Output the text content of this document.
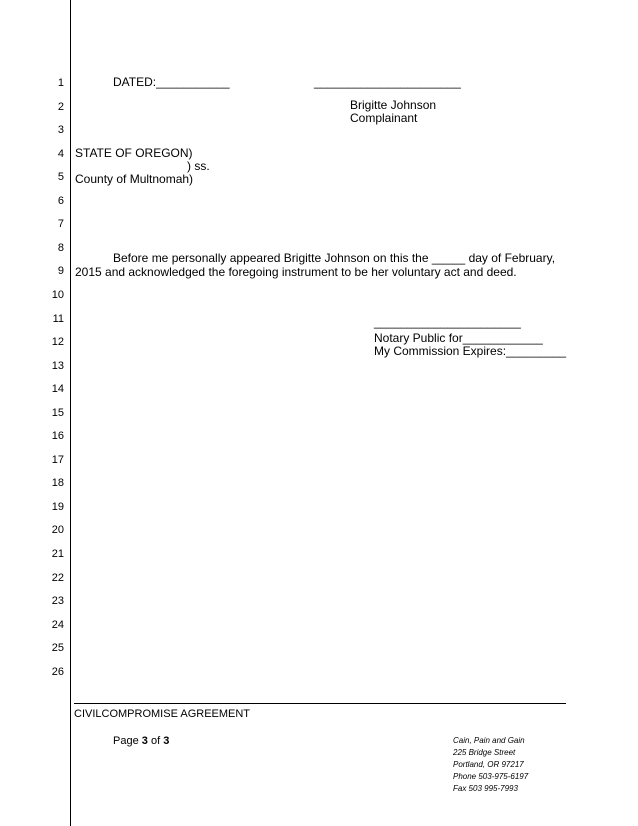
1
2
3
4
5
6
7
8
9
10
11
12
13
14
15
16
17
18
19
20
21
22
23
24
25
26
DATED:___________	______________________
Brigitte Johnson
Complainant
STATE OF OREGON)
) ss.
County of Multnomah)
Before me personally appeared Brigitte Johnson on this the _____ day of February,
2015 and acknowledged the foregoing instrument to be her voluntary act and deed.
______________________
Notary Public for____________
My Commission Expires:_________
CIVILCOMPROMISE AGREEMENT
Page 3 of 3	Cain, Pain and Gain
225 Bridge Street
Portland, OR 97217
Phone 503-975-6197
Fax 503 995-7993
